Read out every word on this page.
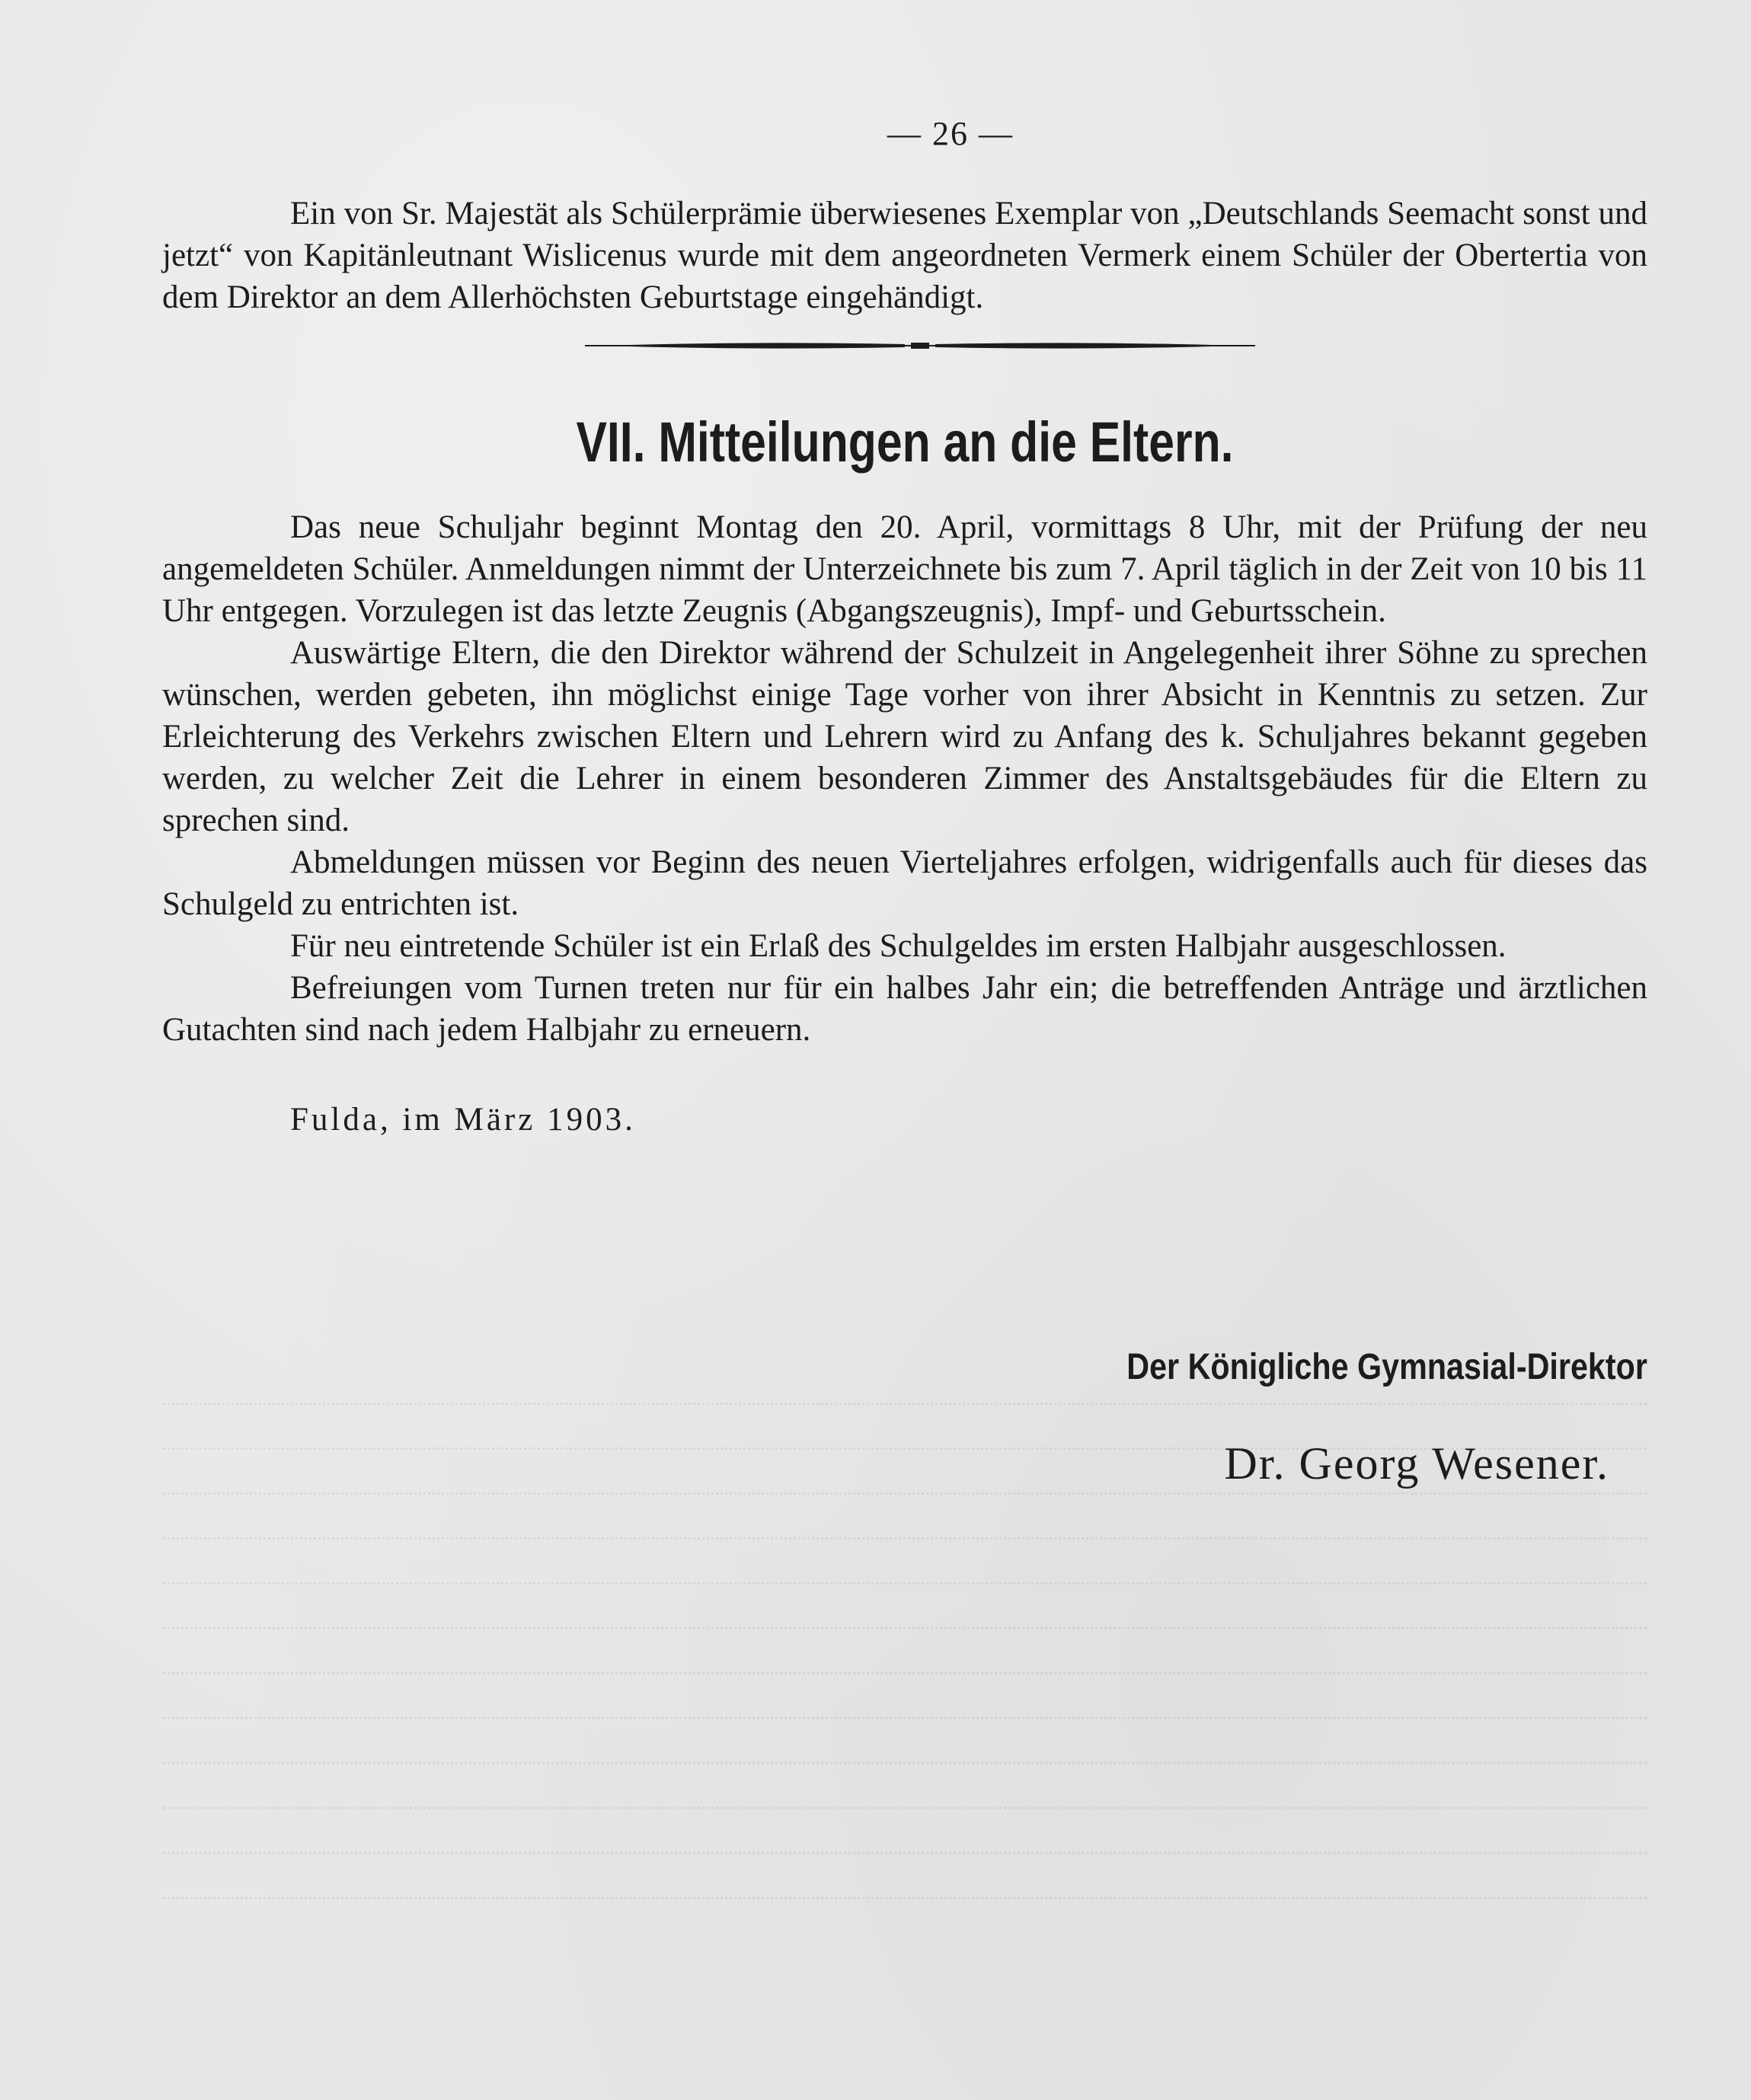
— 26 —

Ein von Sr. Majestät als Schülerprämie überwiesenes Exemplar von „Deutschlands Seemacht sonst und jetzt“ von Kapitänleutnant Wislicenus wurde mit dem angeordneten Vermerk einem Schüler der Obertertia von dem Direktor an dem Allerhöchsten Geburtstage eingehändigt.

VII. Mitteilungen an die Eltern.

Das neue Schuljahr beginnt Montag den 20. April, vormittags 8 Uhr, mit der Prüfung der neu angemeldeten Schüler. Anmeldungen nimmt der Unterzeichnete bis zum 7. April täglich in der Zeit von 10 bis 11 Uhr entgegen. Vorzulegen ist das letzte Zeugnis (Abgangszeugnis), Impf- und Geburtsschein.

Auswärtige Eltern, die den Direktor während der Schulzeit in Angelegenheit ihrer Söhne zu sprechen wünschen, werden gebeten, ihn möglichst einige Tage vorher von ihrer Absicht in Kenntnis zu setzen. Zur Erleichterung des Verkehrs zwischen Eltern und Lehrern wird zu Anfang des k. Schuljahres bekannt gegeben werden, zu welcher Zeit die Lehrer in einem besonderen Zimmer des Anstaltsgebäudes für die Eltern zu sprechen sind.

Abmeldungen müssen vor Beginn des neuen Vierteljahres erfolgen, widrigenfalls auch für dieses das Schulgeld zu entrichten ist.

Für neu eintretende Schüler ist ein Erlaß des Schulgeldes im ersten Halbjahr ausgeschlossen.

Befreiungen vom Turnen treten nur für ein halbes Jahr ein; die betreffenden Anträge und ärztlichen Gutachten sind nach jedem Halbjahr zu erneuern.

Fulda, im März 1903.
Der Königliche Gymnasial-Direktor
Dr. Georg Wesener.
